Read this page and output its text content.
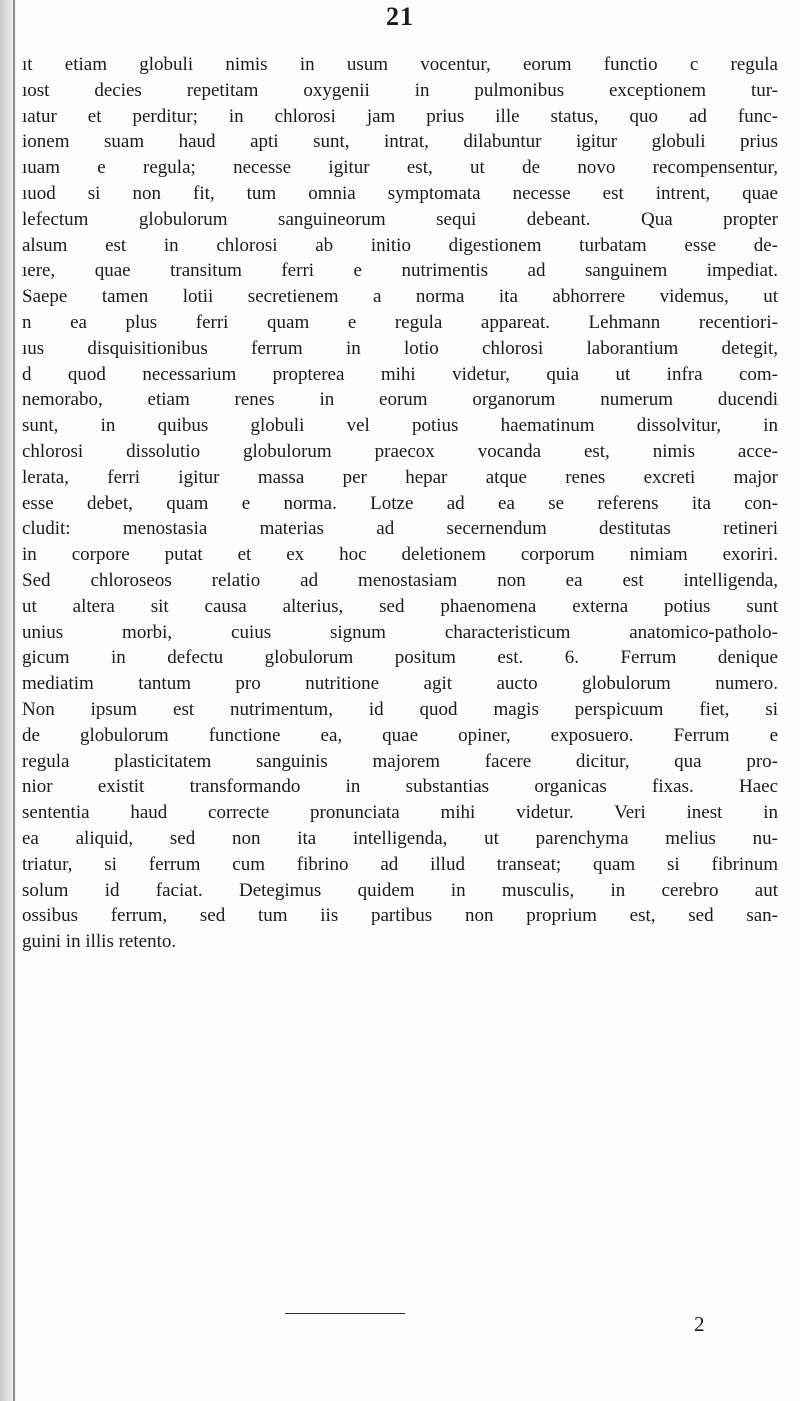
21
ıt etiam globuli nimis in usum vocentur, eorum functio c regula
ıost decies repetitam oxygenii in pulmonibus exceptionem tur-
ıatur et perditur; in chlorosi jam prius ille status, quo ad func-
ionem suam haud apti sunt, intrat, dilabuntur igitur globuli prius
ıuam e regula; necesse igitur est, ut de novo recompensentur,
ıuod si non fit, tum omnia symptomata necesse est intrent, quae
lefectum globulorum sanguineorum sequi debeant. Qua propter
alsum est in chlorosi ab initio digestionem turbatam esse de-
ıere, quae transitum ferri e nutrimentis ad sanguinem impediat.
Saepe tamen lotii secretienem a norma ita abhorrere videmus, ut
n ea plus ferri quam e regula appareat. Lehmann recentiori-
ıus disquisitionibus ferrum in lotio chlorosi laborantium detegit,
d quod necessarium propterea mihi videtur, quia ut infra com-
nemorabo, etiam renes in eorum organorum numerum ducendi
sunt, in quibus globuli vel potius haematinum dissolvitur, in
chlorosi dissolutio globulorum praecox vocanda est, nimis acce-
lerata, ferri igitur massa per hepar atque renes excreti major
esse debet, quam e norma. Lotze ad ea se referens ita con-
cludit: menostasia materias ad secernendum destitutas retineri
in corpore putat et ex hoc deletionem corporum nimiam exoriri.
Sed chloroseos relatio ad menostasiam non ea est intelligenda,
ut altera sit causa alterius, sed phaenomena externa potius sunt
unius morbi, cuius signum characteristicum anatomico-patholo-
gicum in defectu globulorum positum est. 6. Ferrum denique
mediatim tantum pro nutritione agit aucto globulorum numero.
Non ipsum est nutrimentum, id quod magis perspicuum fiet, si
de globulorum functione ea, quae opiner, exposuero. Ferrum e
regula plasticitatem sanguinis majorem facere dicitur, qua pro-
nior existit transformando in substantias organicas fixas. Haec
sententia haud correcte pronunciata mihi videtur. Veri inest in
ea aliquid, sed non ita intelligenda, ut parenchyma melius nu-
triatur, si ferrum cum fibrino ad illud transeat; quam si fibrinum
solum id faciat. Detegimus quidem in musculis, in cerebro aut
ossibus ferrum, sed tum iis partibus non proprium est, sed san-
guini in illis retento.
2
